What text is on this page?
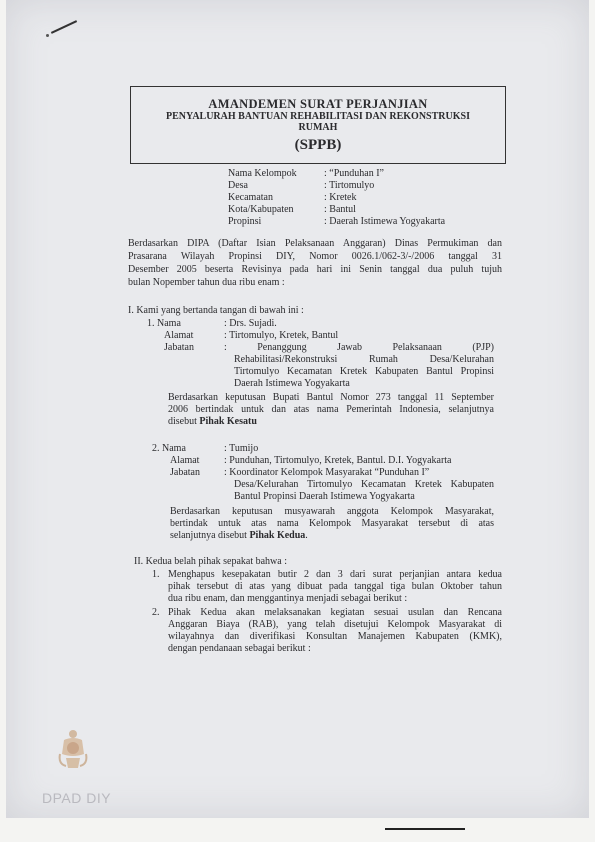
AMANDEMEN SURAT PERJANJIAN
PENYALURAH BANTUAN REHABILITASI DAN REKONSTRUKSI
RUMAH
(SPPB)
Nama Kelompok	: “Punduhan I”
Desa	: Tirtomulyo
Kecamatan	: Kretek
Kota/Kabupaten	: Bantul
Propinsi	: Daerah Istimewa Yogyakarta
Berdasarkan DIPA (Daftar Isian Pelaksanaan Anggaran) Dinas Permukiman dan
Prasarana Wilayah Propinsi DIY, Nomor 0026.1/062-3/-/2006 tanggal 31
Desember 2005 beserta Revisinya pada hari ini Senin tanggal dua puluh tujuh
bulan Nopember tahun dua ribu enam :
I. Kami yang bertanda tangan di bawah ini :
1. Nama	: Drs. Sujadi.
Alamat	: Tirtomulyo, Kretek, Bantul
Jabatan	: Penanggung Jawab Pelaksanaan (PJP)
Rehabilitasi/Rekonstruksi Rumah Desa/Kelurahan
Tirtomulyo Kecamatan Kretek Kabupaten Bantul Propinsi
Daerah Istimewa Yogyakarta
Berdasarkan keputusan Bupati Bantul Nomor 273 tanggal 11 September
2006 bertindak untuk dan atas nama Pemerintah Indonesia, selanjutnya
disebut Pihak Kesatu
2. Nama	: Tumijo
Alamat : Punduhan, Tirtomulyo, Kretek, Bantul. D.I. Yogyakarta
Jabatan : Koordinator Kelompok Masyarakat “Punduhan I”
Desa/Kelurahan Tirtomulyo Kecamatan Kretek Kabupaten
Bantul Propinsi Daerah Istimewa Yogyakarta
Berdasarkan keputusan musyawarah anggota Kelompok Masyarakat,
bertindak untuk atas nama Kelompok Masyarakat tersebut di atas
selanjutnya disebut Pihak Kedua.
II. Kedua belah pihak sepakat bahwa :
1. Menghapus kesepakatan butir 2 dan 3 dari surat perjanjian antara kedua
pihak tersebut di atas yang dibuat pada tanggal tiga bulan Oktober tahun
dua ribu enam, dan menggantinya menjadi sebagai berikut :
2. Pihak Kedua akan melaksanakan kegiatan sesuai usulan dan Rencana
Anggaran Biaya (RAB), yang telah disetujui Kelompok Masyarakat di
wilayahnya dan diverifikasi Konsultan Manajemen Kabupaten (KMK),
dengan pendanaan sebagai berikut :
DPAD DIY
